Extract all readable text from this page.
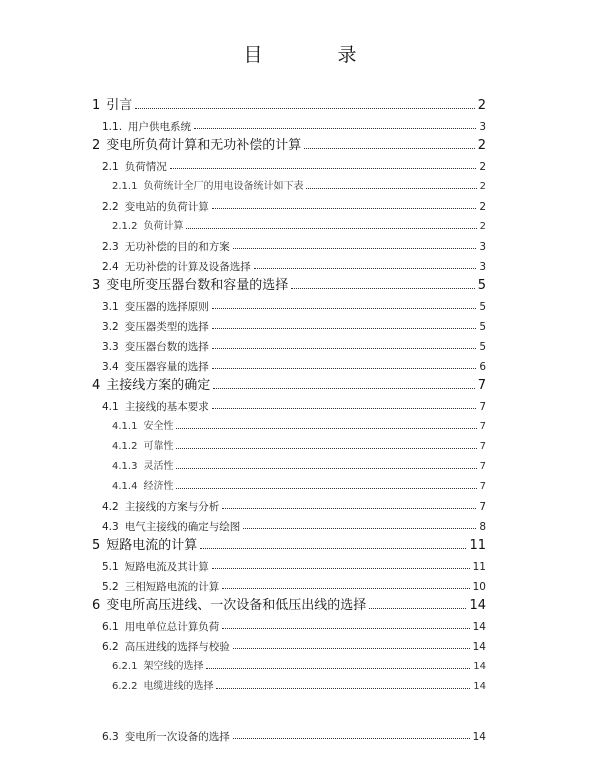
目　录
1 引言	2
1.1. 用户供电系统	3
2 变电所负荷计算和无功补偿的计算	2
2.1 负荷情况	2
2.1.1 负荷统计全厂的用电设备统计如下表	2
2.2 变电站的负荷计算	2
2.1.2 负荷计算	2
2.3 无功补偿的目的和方案	3
2.4 无功补偿的计算及设备选择	3
3 变电所变压器台数和容量的选择	5
3.1 变压器的选择原则	5
3.2 变压器类型的选择	5
3.3 变压器台数的选择	5
3.4 变压器容量的选择	6
4 主接线方案的确定	7
4.1 主接线的基本要求	7
4.1.1 安全性	7
4.1.2 可靠性	7
4.1.3 灵活性	7
4.1.4 经济性	7
4.2 主接线的方案与分析	7
4.3 电气主接线的确定与绘图	8
5 短路电流的计算	11
5.1 短路电流及其计算	11
5.2 三相短路电流的计算	10
6 变电所高压进线、一次设备和低压出线的选择	14
6.1 用电单位总计算负荷	14
6.2 高压进线的选择与校验	14
6.2.1 架空线的选择	14
6.2.2 电缆进线的选择	14
6.3 变电所一次设备的选择	14
